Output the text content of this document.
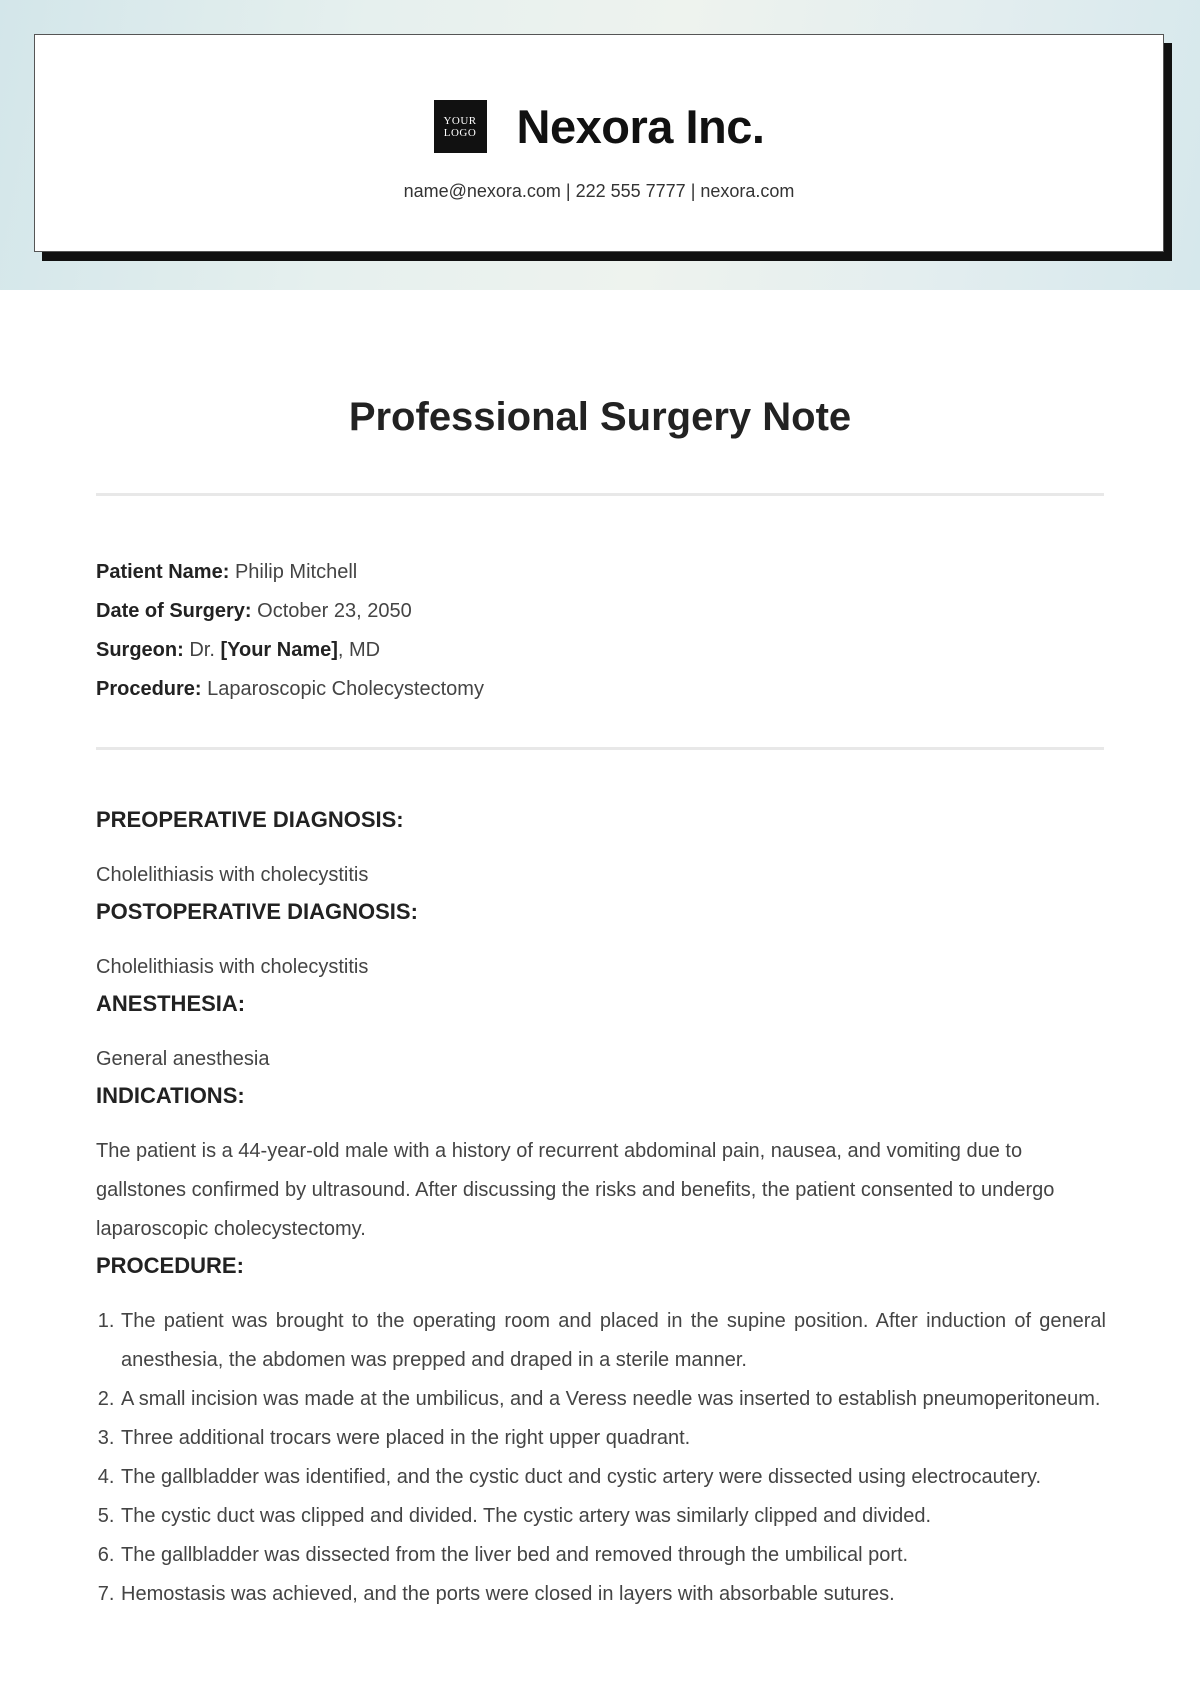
YOUR
LOGO Nexora Inc.
name@nexora.com | 222 555 7777 | nexora.com
Professional Surgery Note
Patient Name: Philip Mitchell
Date of Surgery: October 23, 2050
Surgeon: Dr. [Your Name], MD
Procedure: Laparoscopic Cholecystectomy
PREOPERATIVE DIAGNOSIS:
Cholelithiasis with cholecystitis
POSTOPERATIVE DIAGNOSIS:
Cholelithiasis with cholecystitis
ANESTHESIA:
General anesthesia
INDICATIONS:
The patient is a 44-year-old male with a history of recurrent abdominal pain, nausea, and vomiting due to gallstones confirmed by ultrasound. After discussing the risks and benefits, the patient consented to undergo laparoscopic cholecystectomy.
PROCEDURE:
1. The patient was brought to the operating room and placed in the supine position. After induction of general anesthesia, the abdomen was prepped and draped in a sterile manner.
2. A small incision was made at the umbilicus, and a Veress needle was inserted to establish pneumoperitoneum.
3. Three additional trocars were placed in the right upper quadrant.
4. The gallbladder was identified, and the cystic duct and cystic artery were dissected using electrocautery.
5. The cystic duct was clipped and divided. The cystic artery was similarly clipped and divided.
6. The gallbladder was dissected from the liver bed and removed through the umbilical port.
7. Hemostasis was achieved, and the ports were closed in layers with absorbable sutures.
